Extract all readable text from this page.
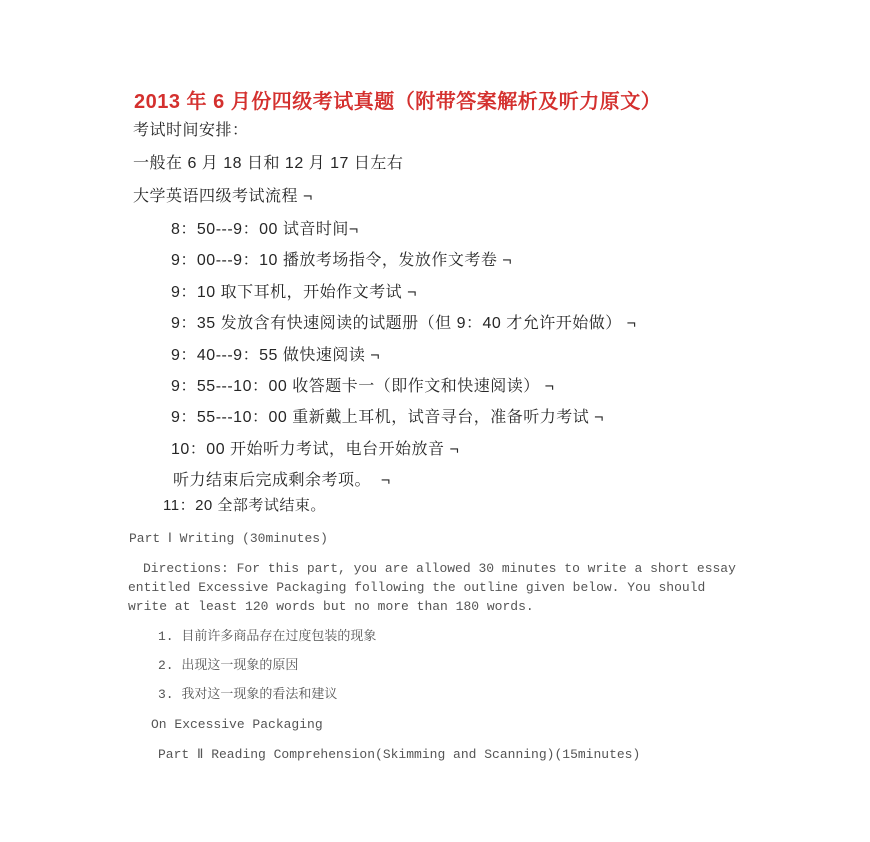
2013 年 6 月份四级考试真题（附带答案解析及听力原文）
考试时间安排：
一般在 6 月 18 日和 12 月 17 日左右
大学英语四级考试流程 ¬
8：50---9：00 试音时间¬
9：00---9：10 播放考场指令，发放作文考卷 ¬
9：10 取下耳机，开始作文考试 ¬
9：35 发放含有快速阅读的试题册（但 9：40 才允许开始做） ¬
9：40---9：55 做快速阅读 ¬
9：55---10：00 收答题卡一（即作文和快速阅读） ¬
9：55---10：00 重新戴上耳机，试音寻台，准备听力考试 ¬
10：00 开始听力考试，电台开始放音 ¬
听力结束后完成剩余考项。  ¬
11：20 全部考试结束。
Part Ⅰ Writing (30minutes)
Directions: For this part, you are allowed 30 minutes to write a short essay entitled Excessive Packaging following the outline given below. You should write at least 120 words but no more than 180 words.
1. 目前许多商品存在过度包装的现象
2. 出现这一现象的原因
3. 我对这一现象的看法和建议
On Excessive Packaging
Part Ⅱ Reading Comprehension(Skimming and Scanning)(15minutes)
